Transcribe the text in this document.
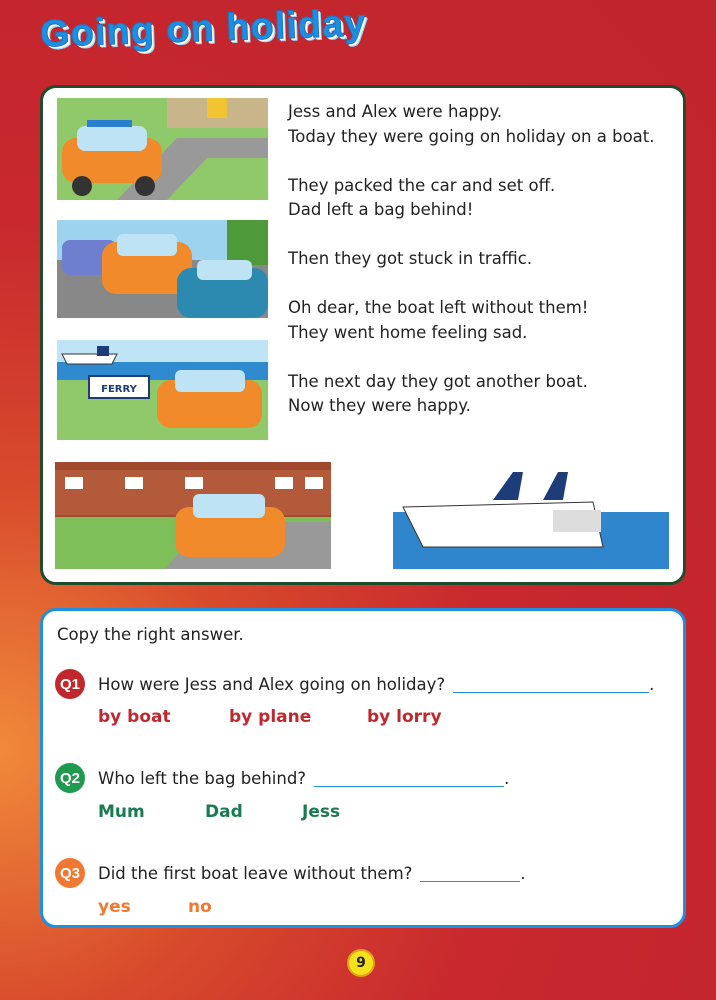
Going on holiday
FERRY

Jess and Alex were happy.
Today they were going on holiday on a boat.

They packed the car and set off.
Dad left a bag behind!

Then they got stuck in traffic.

Oh dear, the boat left without them!
They went home feeling sad.

The next day they got another boat.
Now they were happy.

Copy the right answer.
Q1	How were Jess and Alex going on holiday?	.
by boat	by plane	by lorry
Q2	Who left the bag behind?	.
Mum	Dad	Jess
Q3	Did the first boat leave without them?	.
yes	no
9
